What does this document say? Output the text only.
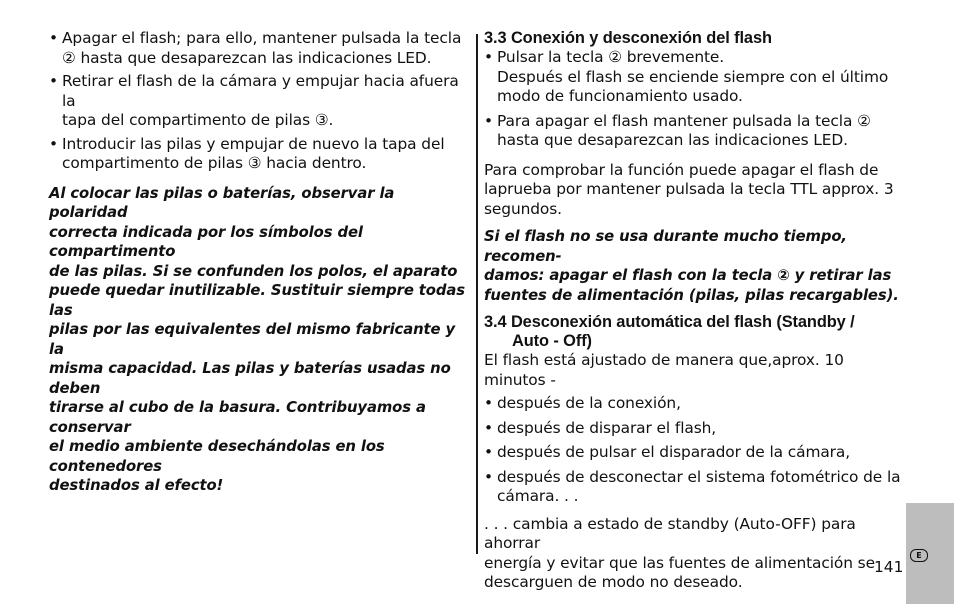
• Apagar el flash; para ello, mantener pulsada la tecla
② hasta que desaparezcan las indicaciones LED.
• Retirar el flash de la cámara y empujar hacia afuera la
tapa del compartimento de pilas ③.
• Introducir las pilas y empujar de nuevo la tapa del
compartimento de pilas ③ hacia dentro.
Al colocar las pilas o baterías, observar la polaridad
correcta indicada por los símbolos del compartimento
de las pilas. Si se confunden los polos, el aparato
puede quedar inutilizable. Sustituir siempre todas las
pilas por las equivalentes del mismo fabricante y la
misma capacidad. Las pilas y baterías usadas no deben
tirarse al cubo de la basura. Contribuyamos a conservar
el medio ambiente desechándolas en los contenedores
destinados al efecto!
3.3 Conexión y desconexión del flash
• Pulsar la tecla ② brevemente.
Después el flash se enciende siempre con el último
modo de funcionamiento usado.
• Para apagar el flash mantener pulsada la tecla ②
hasta que desaparezcan las indicaciones LED.
Para comprobar la función puede apagar el flash de
laprueba por mantener pulsada la tecla TTL approx. 3
segundos.
Si el flash no se usa durante mucho tiempo, recomen-
damos: apagar el flash con la tecla ② y retirar las
fuentes de alimentación (pilas, pilas recargables).
3.4 Desconexión automática del flash (Standby /
Auto - Off)
El flash está ajustado de manera que,aprox. 10 minutos -
• después de la conexión,
• después de disparar el flash,
• después de pulsar el disparador de la cámara,
• después de desconectar el sistema fotométrico de la
cámara. . .
. . . cambia a estado de standby (Auto-OFF) para ahorrar
energía y evitar que las fuentes de alimentación se
descarguen de modo no deseado.
E
141
